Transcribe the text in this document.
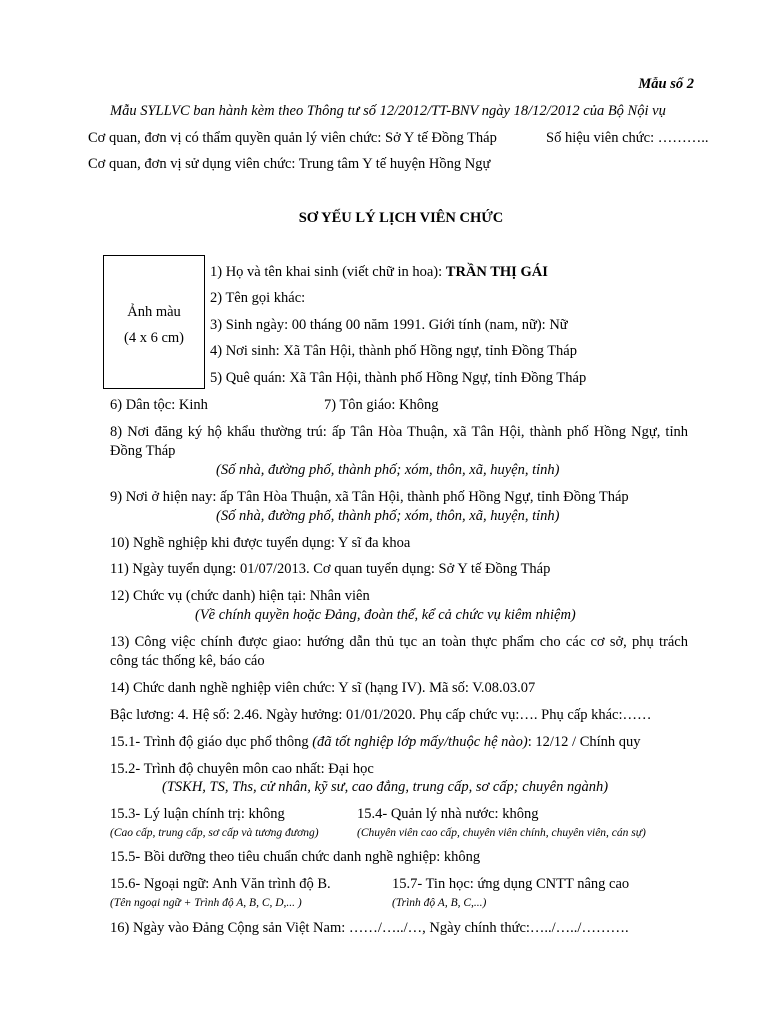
Mẫu số 2
Mẫu SYLLVC ban hành kèm theo Thông tư số 12/2012/TT-BNV ngày 18/12/2012 của Bộ Nội vụ
Cơ quan, đơn vị có thẩm quyền quản lý viên chức: Sở Y tế Đồng Tháp	Số hiệu viên chức: ………..
Cơ quan, đơn vị sử dụng viên chức: Trung tâm Y tế huyện Hồng Ngự
SƠ YẾU LÝ LỊCH VIÊN CHỨC
Ảnh màu
(4 x 6 cm)
1) Họ và tên khai sinh (viết chữ in hoa): TRẦN THỊ GÁI
2) Tên gọi khác:
3) Sinh ngày: 00 tháng 00 năm 1991. Giới tính (nam, nữ): Nữ
4) Nơi sinh: Xã Tân Hội, thành phố Hồng ngự, tỉnh Đồng Tháp
5) Quê quán: Xã Tân Hội, thành phố Hồng Ngự, tỉnh Đồng Tháp
6) Dân tộc: Kinh	7) Tôn giáo: Không
8) Nơi đăng ký hộ khẩu thường trú: ấp Tân Hòa Thuận, xã Tân Hội, thành phố Hồng Ngự, tỉnh Đồng Tháp
(Số nhà, đường phố, thành phố; xóm, thôn, xã, huyện, tỉnh)
9) Nơi ở hiện nay: ấp Tân Hòa Thuận, xã Tân Hội, thành phố Hồng Ngự, tỉnh Đồng Tháp
(Số nhà, đường phố, thành phố; xóm, thôn, xã, huyện, tỉnh)
10) Nghề nghiệp khi được tuyển dụng: Y sĩ đa khoa
11) Ngày tuyển dụng: 01/07/2013. Cơ quan tuyển dụng: Sở Y tế Đồng Tháp
12) Chức vụ (chức danh) hiện tại: Nhân viên
(Về chính quyền hoặc Đảng, đoàn thể, kể cả chức vụ kiêm nhiệm)
13) Công việc chính được giao: hướng dẫn thủ tục an toàn thực phẩm cho các cơ sở, phụ trách công tác thống kê, báo cáo
14) Chức danh nghề nghiệp viên chức: Y sĩ (hạng IV). Mã số: V.08.03.07
Bậc lương: 4. Hệ số: 2.46. Ngày hưởng: 01/01/2020. Phụ cấp chức vụ:…. Phụ cấp khác:……
15.1- Trình độ giáo dục phổ thông (đã tốt nghiệp lớp mấy/thuộc hệ nào): 12/12 / Chính quy
15.2- Trình độ chuyên môn cao nhất: Đại học
(TSKH, TS, Ths, cử nhân, kỹ sư, cao đẳng, trung cấp, sơ cấp; chuyên ngành)
15.3- Lý luận chính trị: không	15.4- Quản lý nhà nước: không
(Cao cấp, trung cấp, sơ cấp và tương đương)	(Chuyên viên cao cấp, chuyên viên chính, chuyên viên, cán sự)
15.5- Bồi dưỡng theo tiêu chuẩn chức danh nghề nghiệp: không
15.6- Ngoại ngữ: Anh Văn trình độ B.	15.7- Tin học: ứng dụng CNTT nâng cao
(Tên ngoại ngữ + Trình độ A, B, C, D,... )	(Trình độ A, B, C,...)
16) Ngày vào Đảng Cộng sản Việt Nam: ……/…../…, Ngày chính thức:…../…../……….
